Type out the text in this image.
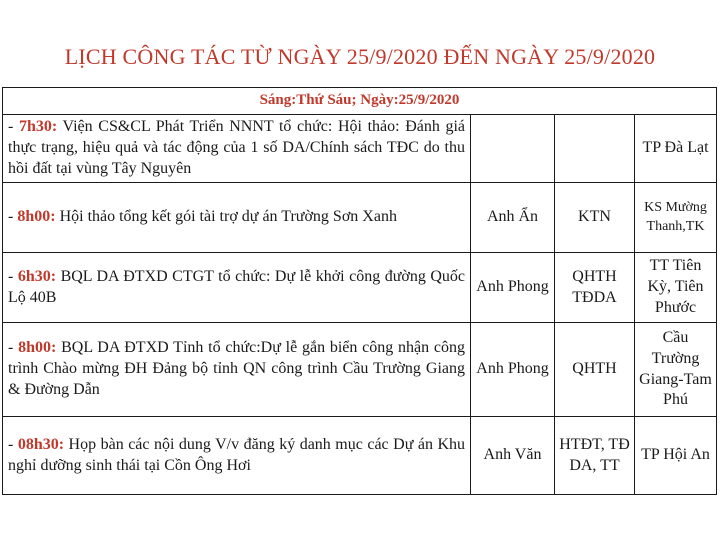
LỊCH CÔNG TÁC TỪ NGÀY 25/9/2020 ĐẾN NGÀY 25/9/2020
Sáng:Thứ Sáu; Ngày:25/9/2020			
- 7h30: Viện CS&CL Phát Triển NNNT tổ chức: Hội thảo: Đánh giá thực trạng, hiệu quả và tác động của 1 số DA/Chính sách TĐC do thu hồi đất tại vùng Tây Nguyên			TP Đà Lạt
- 8h00: Hội thảo tổng kết gói tài trợ dự án Trường Sơn Xanh	Anh Ẩn	KTN	KS Mường Thanh,TK
- 6h30: BQL DA ĐTXD CTGT tổ chức: Dự lễ khởi công đường Quốc Lộ 40B	Anh Phong	QHTH TĐDA	TT Tiên Kỳ, Tiên Phước
- 8h00: BQL DA ĐTXD Tỉnh tổ chức:Dự lễ gắn biển công nhận công trình Chào mừng ĐH Đảng bộ tỉnh QN công trình Cầu Trường Giang & Đường Dẫn	Anh Phong	QHTH	Cầu Trường Giang-Tam Phú
- 08h30: Họp bàn các nội dung V/v đăng ký danh mục các Dự án Khu nghỉ dưỡng sinh thái tại Cồn Ông Hơi	Anh Văn	HTĐT, TĐ DA, TT	TP Hội An
